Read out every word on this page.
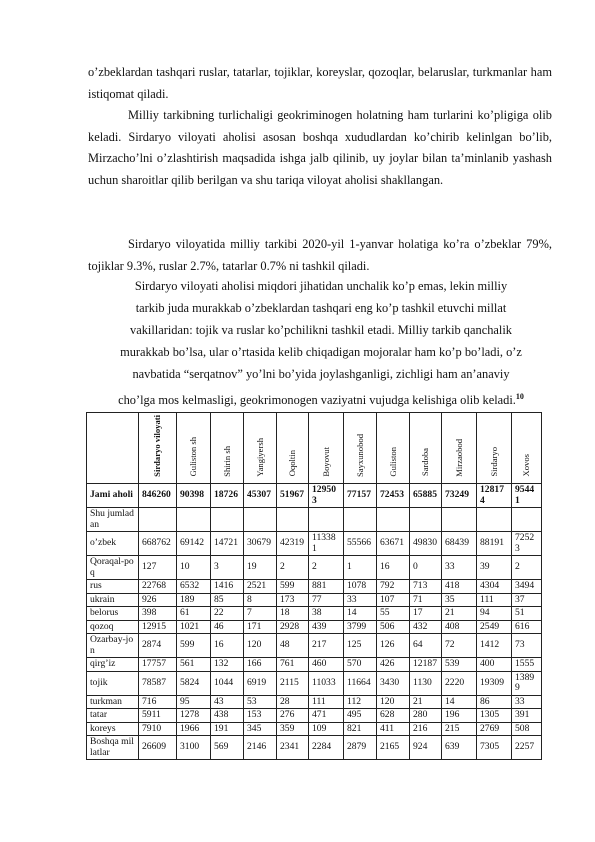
o’zbeklardan tashqari ruslar, tatarlar, tojiklar, koreyslar, qozoqlar, belaruslar, turkmanlar ham istiqomat qiladi.

Milliy tarkibning turlichaligi geokriminogen holatning ham turlarini ko’pligiga olib keladi. Sirdaryo viloyati aholisi asosan boshqa xududlardan ko’chirib kelinlgan bo’lib, Mirzacho’lni o’zlashtirish maqsadida ishga jalb qilinib, uy joylar bilan ta’minlanib yashash uchun sharoitlar qilib berilgan va shu tariqa viloyat aholisi shakllangan.

Sirdaryo viloyatida milliy tarkibi 2020-yil 1-yanvar holatiga ko’ra o’zbeklar 79%, tojiklar 9.3%, ruslar 2.7%, tatarlar 0.7% ni tashkil qiladi.

Sirdaryo viloyati aholisi miqdori jihatidan unchalik ko’p emas, lekin milliy

tarkib juda murakkab o’zbeklardan tashqari eng ko’p tashkil etuvchi millat

vakillaridan: tojik va ruslar ko’pchilikni tashkil etadi. Milliy tarkib qanchalik

murakkab bo’lsa, ular o’rtasida kelib chiqadigan mojoralar ham ko’p bo’ladi, o’z

navbatida “serqatnov” yo’lni bo’yida joylashganligi, zichligi ham an’anaviy

cho’lga mos kelmasligi, geokrimonogen vaziyatni vujudga kelishiga olib keladi.$^{10}$

	Sirdaryo viloyati	Guliston sh	Shirin sh	Yangiyersh	Oqoltin	Boyovut	Sayxunobod	Guliston	Sardoba	Mirzaobod	Sirdaryo	Xovos
Jami aholi	846260	90398	18726	45307	51967	129503	77157	72453	65885	73249	128174	95441
Shu jumladan												
o’zbek	668762	69142	14721	30679	42319	113381	55566	63671	49830	68439	88191	72523
Qoraqal-poq	127	10	3	19	2	2	1	16	0	33	39	2
rus	22768	6532	1416	2521	599	881	1078	792	713	418	4304	3494
ukrain	926	189	85	8	173	77	33	107	71	35	111	37
belorus	398	61	22	7	18	38	14	55	17	21	94	51
qozoq	12915	1021	46	171	2928	439	3799	506	432	408	2549	616
Ozarbay-jon	2874	599	16	120	48	217	125	126	64	72	1412	73
qirg’iz	17757	561	132	166	761	460	570	426	12187	539	400	1555
tojik	78587	5824	1044	6919	2115	11033	11664	3430	1130	2220	19309	13899
turkman	716	95	43	53	28	111	112	120	21	14	86	33
tatar	5911	1278	438	153	276	471	495	628	280	196	1305	391
koreys	7910	1966	191	345	359	109	821	411	216	215	2769	508
Boshqa millatlar	26609	3100	569	2146	2341	2284	2879	2165	924	639	7305	2257
